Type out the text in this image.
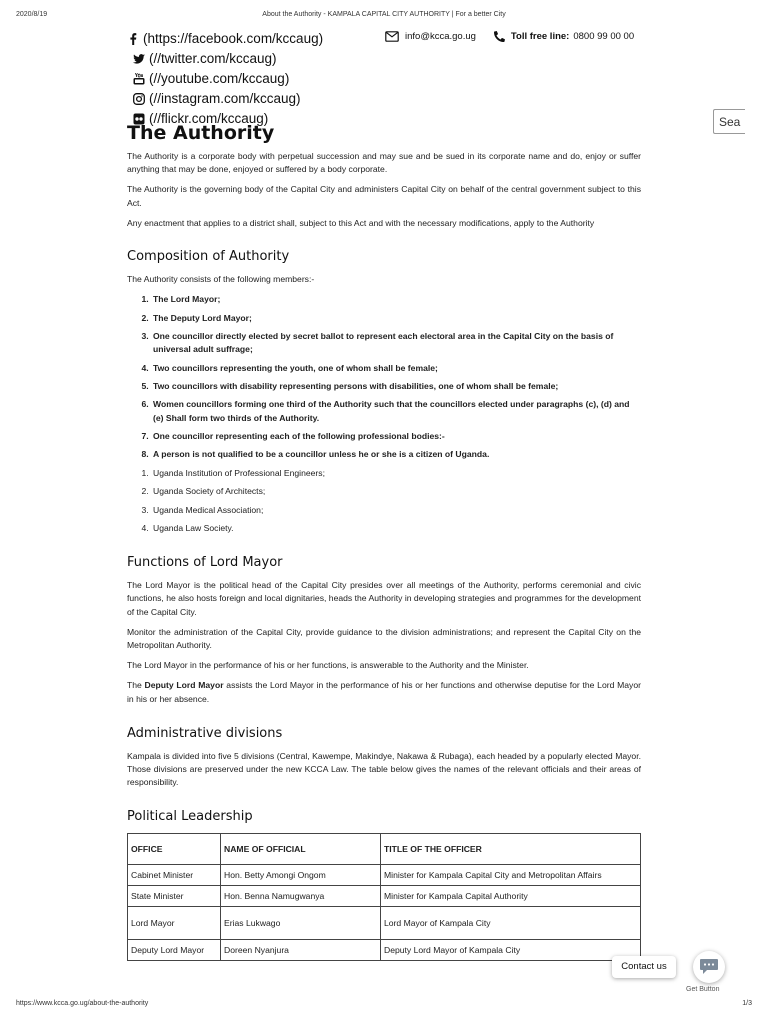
2020/8/19	About the Authority - KAMPALA CAPITAL CITY AUTHORITY | For a better City
(https://facebook.com/kccaug)
(//twitter.com/kccaug)
(//youtube.com/kccaug)
(//instagram.com/kccaug)
(//flickr.com/kccaug)
info@kcca.go.ug	Toll free line: 0800 99 00 00
Sea
The Authority

The Authority is a corporate body with perpetual succession and may sue and be sued in its corporate name and do, enjoy or suffer anything that may be done, enjoyed or suffered by a body corporate.

The Authority is the governing body of the Capital City and administers Capital City on behalf of the central government subject to this Act.

Any enactment that applies to a district shall, subject to this Act and with the necessary modifications, apply to the Authority

Composition of Authority

The Authority consists of the following members:-

1. The Lord Mayor;
2. The Deputy Lord Mayor;
3. One councillor directly elected by secret ballot to represent each electoral area in the Capital City on the basis of universal adult suffrage;
4. Two councillors representing the youth, one of whom shall be female;
5. Two councillors with disability representing persons with disabilities, one of whom shall be female;
6. Women councillors forming one third of the Authority such that the councillors elected under paragraphs (c), (d) and (e) Shall form two thirds of the Authority.
7. One councillor representing each of the following professional bodies:-
8. A person is not qualified to be a councillor unless he or she is a citizen of Uganda.
1. Uganda Institution of Professional Engineers;
2. Uganda Society of Architects;
3. Uganda Medical Association;
4. Uganda Law Society.
Functions of Lord Mayor

The Lord Mayor is the political head of the Capital City presides over all meetings of the Authority, performs ceremonial and civic functions, he also hosts foreign and local dignitaries, heads the Authority in developing strategies and programmes for the development of the Capital City.

Monitor the administration of the Capital City, provide guidance to the division administrations; and represent the Capital City on the Metropolitan Authority.

The Lord Mayor in the performance of his or her functions, is answerable to the Authority and the Minister.

The Deputy Lord Mayor assists the Lord Mayor in the performance of his or her functions and otherwise deputise for the Lord Mayor in his or her absence.

Administrative divisions

Kampala is divided into five 5 divisions (Central, Kawempe, Makindye, Nakawa & Rubaga), each headed by a popularly elected Mayor. Those divisions are preserved under the new KCCA Law. The table below gives the names of the relevant officials and their areas of responsibility.

Political Leadership
OFFICE	NAME OF OFFICIAL	TITLE OF THE OFFICER
Cabinet Minister	Hon. Betty Amongi Ongom	Minister for Kampala Capital City and Metropolitan Affairs
State Minister	Hon. Benna Namugwanya	Minister for Kampala Capital Authority
Lord Mayor	Erias Lukwago	Lord Mayor of Kampala City
Deputy Lord Mayor	Doreen Nyanjura	Deputy Lord Mayor of Kampala City
Contact us
Get Button
https://www.kcca.go.ug/about-the-authority	1/3
